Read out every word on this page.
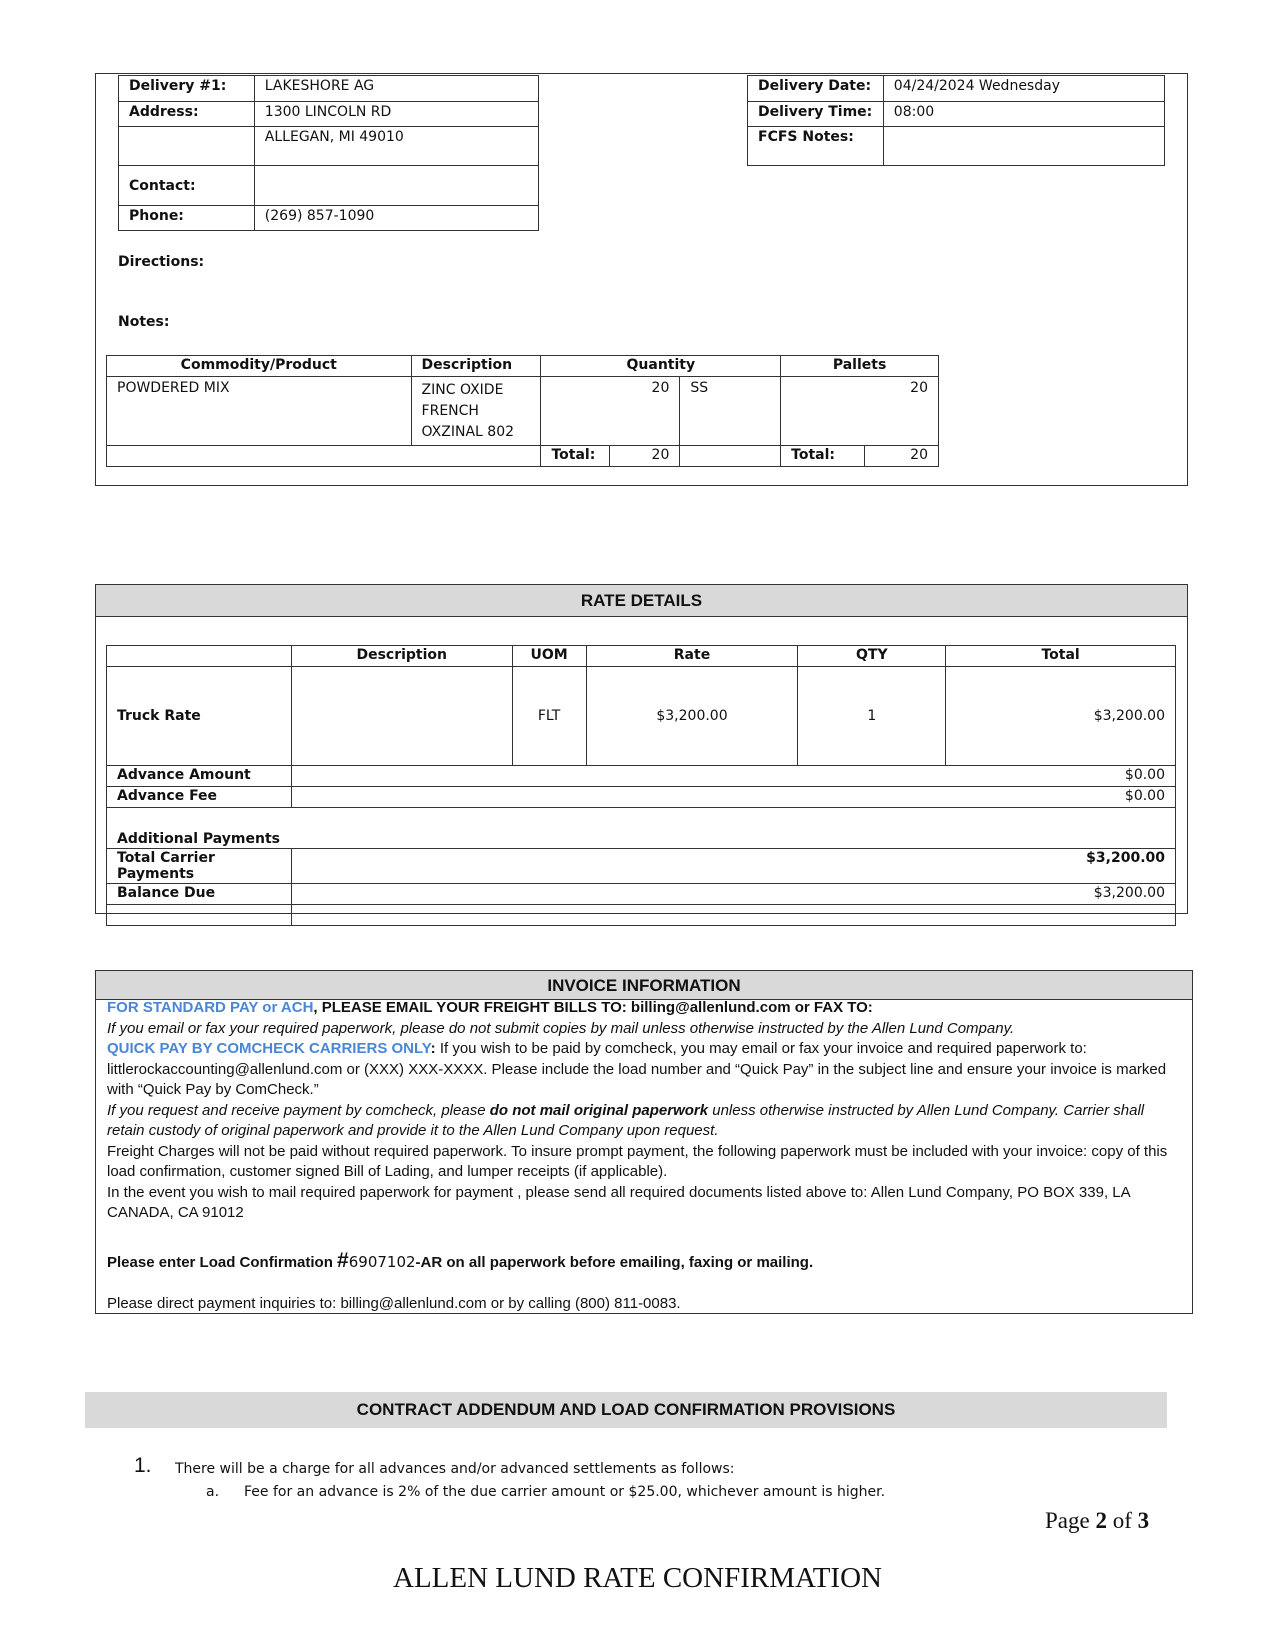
Delivery #1:	LAKESHORE AG
Address:	1300 LINCOLN RD
	ALLEGAN, MI 49010
Contact:	
Phone:	(269) 857-1090
Delivery Date:	04/24/2024 Wednesday
Delivery Time:	08:00
FCFS Notes:	
Directions:
Notes:
Commodity/Product	Description	Quantity			Pallets	
POWDERED MIX	ZINC OXIDE
FRENCH
OXZINAL 802	20		SS	20	
		Total:	20		Total:	20
RATE DETAILS
	Description	UOM	Rate	QTY	Total
Truck Rate		FLT	$3,200.00	1	$3,200.00
Advance Amount	$0.00				
Advance Fee	$0.00				
Additional Payments					
Total Carrier Payments	$3,200.00				
Balance Due	$3,200.00				

INVOICE INFORMATION

FOR STANDARD PAY or ACH, PLEASE EMAIL YOUR FREIGHT BILLS TO: billing@allenlund.com or FAX TO:

If you email or fax your required paperwork, please do not submit copies by mail unless otherwise instructed by the Allen Lund Company.

QUICK PAY BY COMCHECK CARRIERS ONLY: If you wish to be paid by comcheck, you may email or fax your invoice and required paperwork to: littlerockaccounting@allenlund.com or (XXX) XXX-XXXX. Please include the load number and “Quick Pay” in the subject line and ensure your invoice is marked with “Quick Pay by ComCheck.”

If you request and receive payment by comcheck, please do not mail original paperwork unless otherwise instructed by Allen Lund Company. Carrier shall retain custody of original paperwork and provide it to the Allen Lund Company upon request.

Freight Charges will not be paid without required paperwork. To insure prompt payment, the following paperwork must be included with your invoice: copy of this load confirmation, customer signed Bill of Lading, and lumper receipts (if applicable).

In the event you wish to mail required paperwork for payment , please send all required documents listed above to: Allen Lund Company, PO BOX 339, LA CANADA, CA 91012

Please enter Load Confirmation #6907102-AR on all paperwork before emailing, faxing or mailing.

Please direct payment inquiries to: billing@allenlund.com or by calling (800) 811-0083.

CONTRACT ADDENDUM AND LOAD CONFIRMATION PROVISIONS
1. There will be a charge for all advances and/or advanced settlements as follows:
a. Fee for an advance is 2% of the due carrier amount or $25.00, whichever amount is higher.
Page 2 of 3
ALLEN LUND RATE CONFIRMATION
